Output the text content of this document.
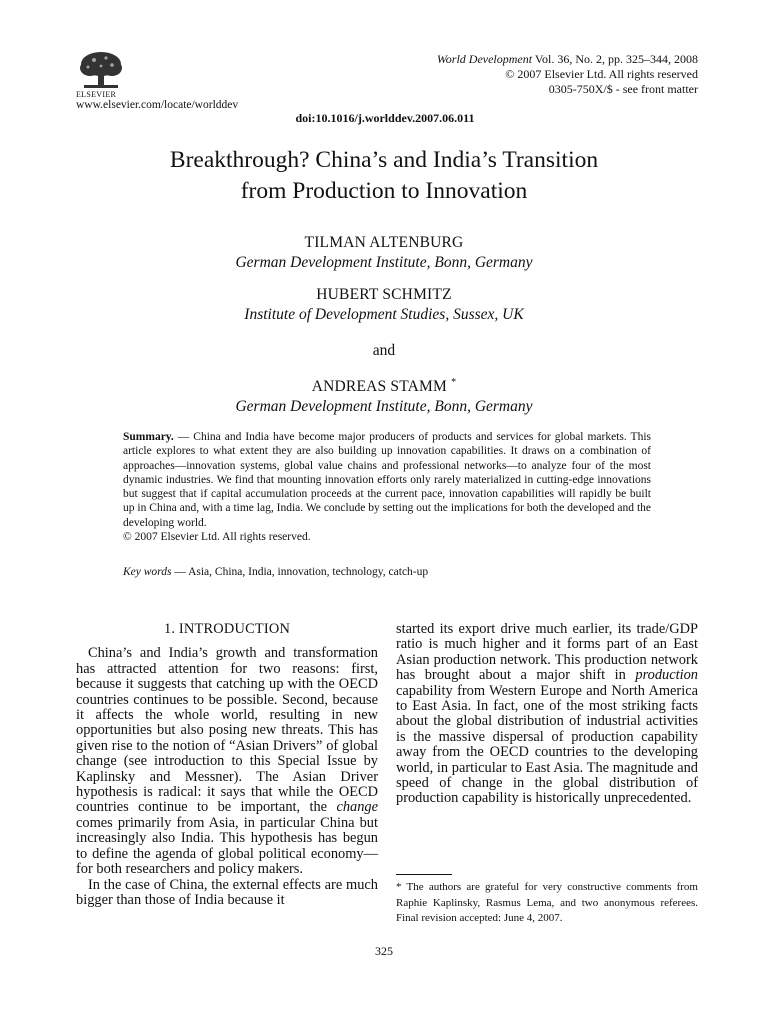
ELSEVIER
www.elsevier.com/locate/worlddev
World Development Vol. 36, No. 2, pp. 325–344, 2008
© 2007 Elsevier Ltd. All rights reserved
0305-750X/$ - see front matter
doi:10.1016/j.worlddev.2007.06.011
Breakthrough? China’s and India’s Transition
from Production to Innovation
TILMAN ALTENBURG
German Development Institute, Bonn, Germany
HUBERT SCHMITZ
Institute of Development Studies, Sussex, UK
and
ANDREAS STAMM *
German Development Institute, Bonn, Germany
Summary. — China and India have become major producers of products and services for global markets. This article explores to what extent they are also building up innovation capabilities. It draws on a combination of approaches—innovation systems, global value chains and professional networks—to analyze four of the most dynamic industries. We find that mounting innovation efforts only rarely materialized in cutting-edge innovations but suggest that if capital accumulation proceeds at the current pace, innovation capabilities will rapidly be built up in China and, with a time lag, India. We conclude by setting out the implications for both the developed and the developing world.
© 2007 Elsevier Ltd. All rights reserved.
Key words — Asia, China, India, innovation, technology, catch-up
1. INTRODUCTION

China’s and India’s growth and transformation has attracted attention for two reasons: first, because it suggests that catching up with the OECD countries continues to be possible. Second, because it affects the whole world, resulting in new opportunities but also posing new threats. This has given rise to the notion of “Asian Drivers” of global change (see introduction to this Special Issue by Kaplinsky and Messner). The Asian Driver hypothesis is radical: it says that while the OECD countries continue to be important, the change comes primarily from Asia, in particular China but increasingly also India. This hypothesis has begun to define the agenda of global political economy—for both researchers and policy makers.

In the case of China, the external effects are much bigger than those of India because it

started its export drive much earlier, its trade/GDP ratio is much higher and it forms part of an East Asian production network. This production network has brought about a major shift in production capability from Western Europe and North America to East Asia. In fact, one of the most striking facts about the global distribution of industrial activities is the massive dispersal of production capability away from the OECD countries to the developing world, in particular to East Asia. The magnitude and speed of change in the global distribution of production capability is historically unprecedented.

* The authors are grateful for very constructive comments from Raphie Kaplinsky, Rasmus Lema, and two anonymous referees. Final revision accepted: June 4, 2007.
325
